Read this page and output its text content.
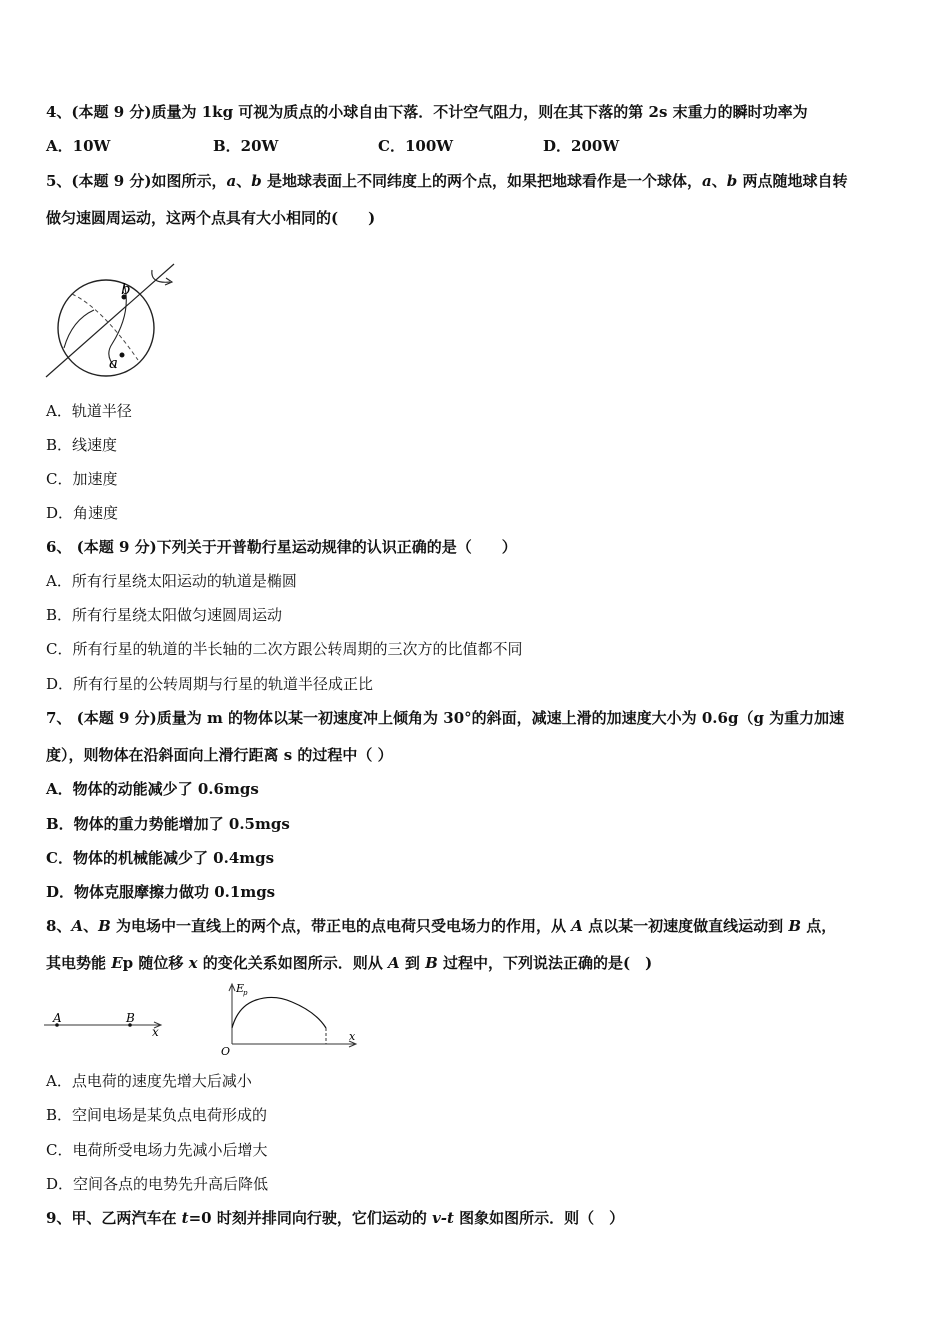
4、(本题 9 分)质量为 1kg 可视为质点的小球自由下落．不计空气阻力，则在其下落的第 2s 末重力的瞬时功率为
A．10W	B．20W	C．100W	D．200W
5、(本题 9 分)如图所示，a、b 是地球表面上不同纬度上的两个点，如果把地球看作是一个球体，a、b 两点随地球自转
做匀速圆周运动，这两个点具有大小相同的(　　)
b
a
A．轨道半径
B．线速度
C．加速度
D．角速度
6、 (本题 9 分)下列关于开普勒行星运动规律的认识正确的是（　　）
A．所有行星绕太阳运动的轨道是椭圆
B．所有行星绕太阳做匀速圆周运动
C．所有行星的轨道的半长轴的二次方跟公转周期的三次方的比值都不同
D．所有行星的公转周期与行星的轨道半径成正比
7、 (本题 9 分)质量为 m 的物体以某一初速度冲上倾角为 30°的斜面，减速上滑的加速度大小为 0.6g（g 为重力加速
度），则物体在沿斜面向上滑行距离 s 的过程中（ ）
A．物体的动能减少了 0.6mgs
B．物体的重力势能增加了 0.5mgs
C．物体的机械能减少了 0.4mgs
D．物体克服摩擦力做功 0.1mgs
8、A、B 为电场中一直线上的两个点，带正电的点电荷只受电场力的作用，从 A 点以某一初速度做直线运动到 B 点，
其电势能 Ep 随位移 x 的变化关系如图所示．则从 A 到 B 过程中，下列说法正确的是(　)
A	B
x
E
p
O
x
A．点电荷的速度先增大后减小
B．空间电场是某负点电荷形成的
C．电荷所受电场力先减小后增大
D．空间各点的电势先升高后降低
9、甲、乙两汽车在 t=0 时刻并排同向行驶，它们运动的 v-t 图象如图所示．则（　）
